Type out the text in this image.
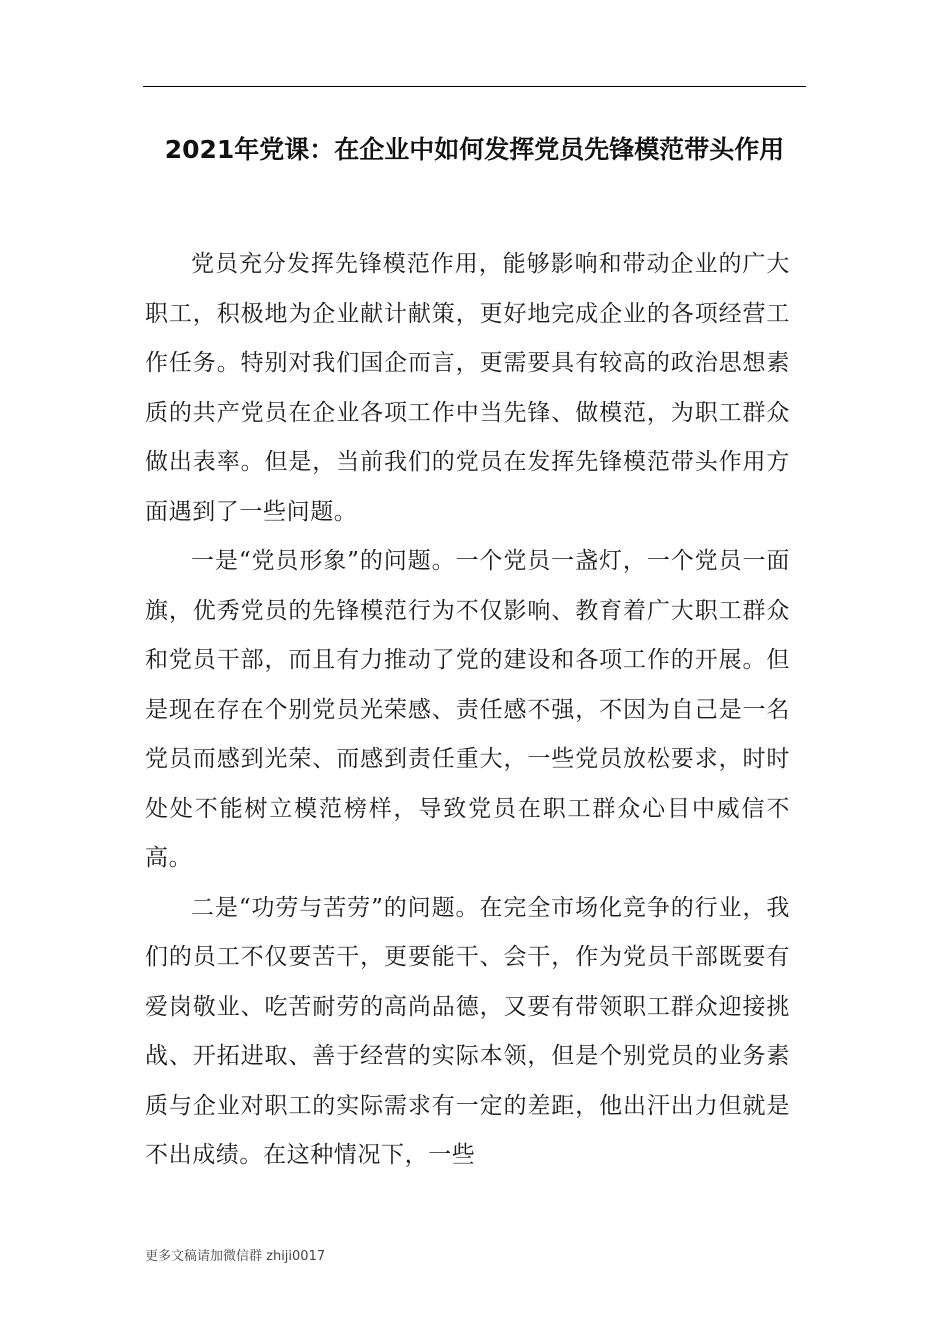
2021年党课：在企业中如何发挥党员先锋模范带头作用

党员充分发挥先锋模范作用，能够影响和带动企业的广大职工，积极地为企业献计献策，更好地完成企业的各项经营工作任务。特别对我们国企而言，更需要具有较高的政治思想素质的共产党员在企业各项工作中当先锋、做模范，为职工群众做出表率。但是，当前我们的党员在发挥先锋模范带头作用方面遇到了一些问题。

一是“党员形象”的问题。一个党员一盏灯，一个党员一面旗，优秀党员的先锋模范行为不仅影响、教育着广大职工群众和党员干部，而且有力推动了党的建设和各项工作的开展。但是现在存在个别党员光荣感、责任感不强，不因为自己是一名党员而感到光荣、而感到责任重大，一些党员放松要求，时时处处不能树立模范榜样，导致党员在职工群众心目中威信不高。

二是“功劳与苦劳”的问题。在完全市场化竞争的行业，我们的员工不仅要苦干，更要能干、会干，作为党员干部既要有爱岗敬业、吃苦耐劳的高尚品德，又要有带领职工群众迎接挑战、开拓进取、善于经营的实际本领，但是个别党员的业务素质与企业对职工的实际需求有一定的差距，他出汗出力但就是不出成绩。在这种情况下，一些

更多文稿请加微信群 zhiji0017
